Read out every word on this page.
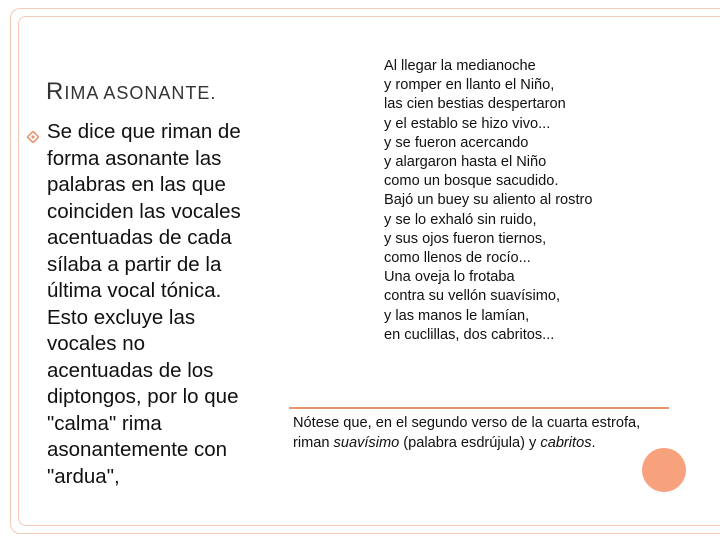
RIMA ASONANTE.
Se dice que riman de
forma asonante las
palabras en las que
coinciden las vocales
acentuadas de cada
sílaba a partir de la
última vocal tónica.
Esto excluye las
vocales no
acentuadas de los
diptongos, por lo que
"calma" rima
asonantemente con
"ardua",
Al llegar la medianoche
y romper en llanto el Niño,
las cien bestias despertaron
y el establo se hizo vivo...
y se fueron acercando
y alargaron hasta el Niño
como un bosque sacudido.
Bajó un buey su aliento al rostro
y se lo exhaló sin ruido,
y sus ojos fueron tiernos,
como llenos de rocío...
Una oveja lo frotaba
contra su vellón suavísimo,
y las manos le lamían,
en cuclillas, dos cabritos...
Nótese que, en el segundo verso de la cuarta estrofa, riman suavísimo (palabra esdrújula) y cabritos.
